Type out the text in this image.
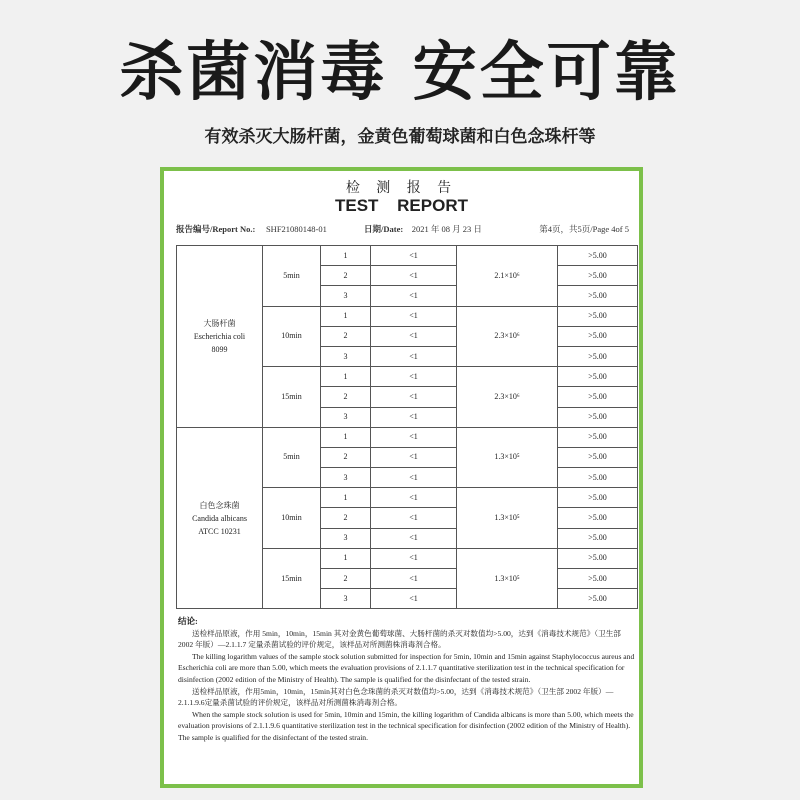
杀菌消毒 安全可靠
有效杀灭大肠杆菌，金黄色葡萄球菌和白色念珠杆等
检 测 报 告
TEST REPORT
报告编号/Report No.: SHF21080148-01	日期/Date: 2021 年 08 月 23 日	第4页，共5页/Page 4of 5
大肠杆菌
Escherichia coli
8099	5min	1	<1	2.1×10⁶	>5.00
		2	<1		>5.00
		3	<1		>5.00
	10min	1	<1	2.3×10⁶	>5.00
		2	<1		>5.00
		3	<1		>5.00
	15min	1	<1	2.3×10⁶	>5.00
		2	<1		>5.00
		3	<1		>5.00

白色念珠菌
Candida albicans
ATCC 10231	5min	1	<1	1.3×10⁵	>5.00
		2	<1		>5.00
		3	<1		>5.00
	10min	1	<1	1.3×10⁵	>5.00
		2	<1		>5.00
		3	<1		>5.00
	15min	1	<1	1.3×10⁵	>5.00
		2	<1		>5.00
		3	<1		>5.00

结论:

送检样品原液，作用 5min，10min，15min 其对金黄色葡萄球菌、大肠杆菌的杀灭对数值均>5.00，达到《消毒技术规范》（卫生部 2002 年版）—2.1.1.7 定量杀菌试验的评价规定，该样品对所测菌株消毒剂合格。

The killing logarithm values of the sample stock solution submitted for inspection for 5min, 10min and 15min against Staphylococcus aureus and Escherichia coli are more than 5.00, which meets the evaluation provisions of 2.1.1.7 quantitative sterilization test in the technical specification for disinfection (2002 edition of the Ministry of Health). The sample is qualified for the disinfectant of the tested strain.

送检样品原液，作用5min，10min，15min其对白色念珠菌的杀灭对数值均>5.00，达到《消毒技术规范》（卫生部 2002 年版）—2.1.1.9.6定量杀菌试验的评价规定，该样品对所测菌株消毒剂合格。

When the sample stock solution is used for 5min, 10min and 15min, the killing logarithm of Candida albicans is more than 5.00, which meets the evaluation provisions of 2.1.1.9.6 quantitative sterilization test in the technical specification for disinfection (2002 edition of the Ministry of Health). The sample is qualified for the disinfectant of the tested strain.
